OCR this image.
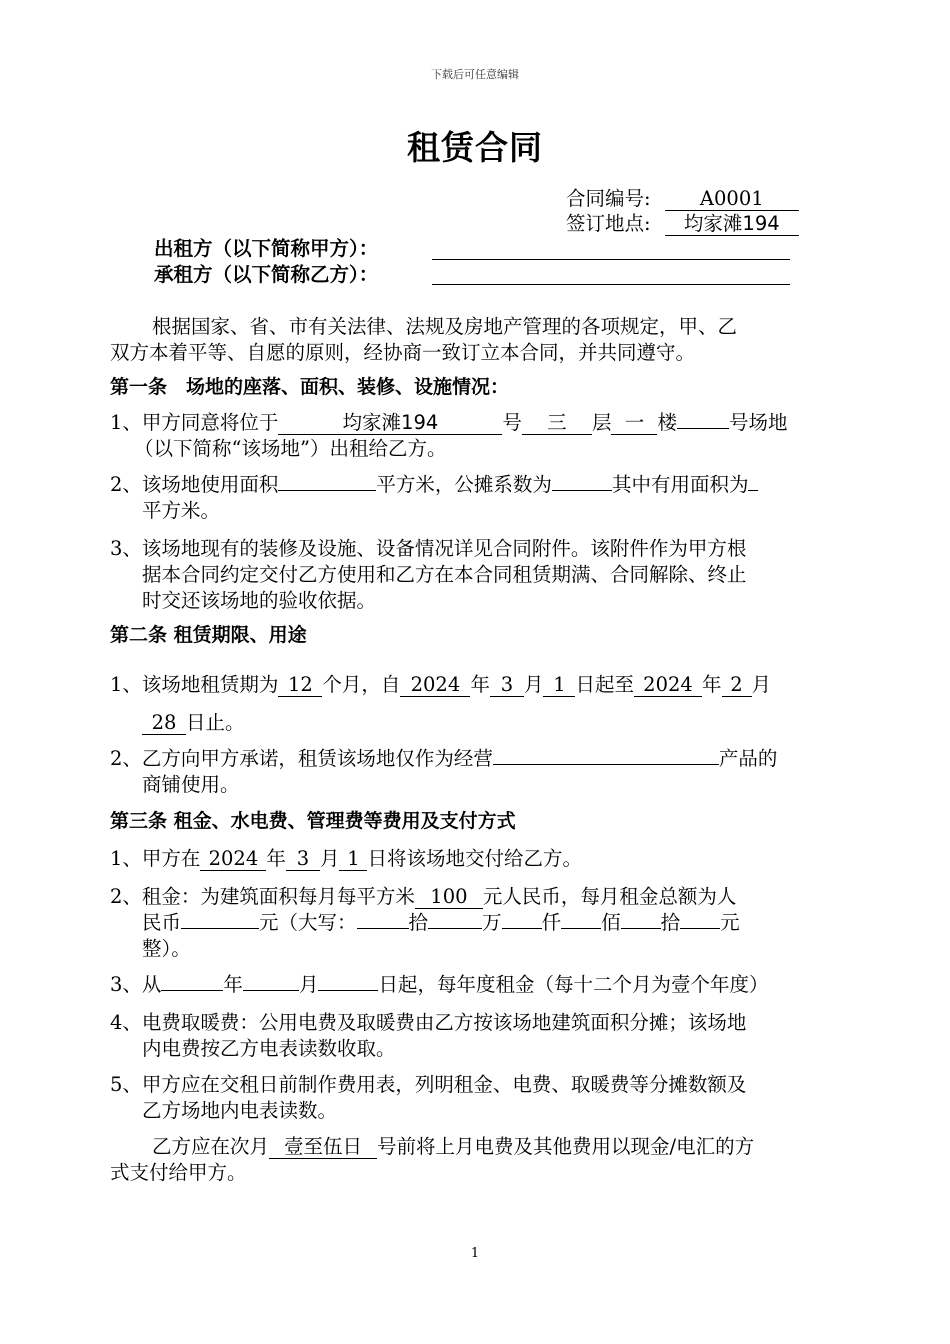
下载后可任意编辑
租赁合同
合同编号:	A0001
签订地点: 均家滩194
出租方（以下简称甲方）：
承租方（以下简称乙方）：
根据国家、省、市有关法律、法规及房地产管理的各项规定，甲、乙
双方本着平等、自愿的原则，经协商一致订立本合同，并共同遵守。
第一条　场地的座落、面积、装修、设施情况：
1、甲方同意将位于	均家滩194	号 三 层 一 楼	号场地
（以下简称“该场地”）出租给乙方。
2、该场地使用面积	平方米，公摊系数为	其中有用面积为
平方米。
3、该场地现有的装修及设施、设备情况详见合同附件。该附件作为甲方根
据本合同约定交付乙方使用和乙方在本合同租赁期满、合同解除、终止
时交还该场地的验收依据。
第二条 租赁期限、用途
1、该场地租赁期为 12 个月，自 2024 年 3 月 1 日起至 2024 年 2 月
28 日止。
2、乙方向甲方承诺，租赁该场地仅作为经营	产品的
商铺使用。
第三条 租金、水电费、管理费等费用及支付方式
1、甲方在 2024 年 3 月 1 日将该场地交付给乙方。
2、租金：为建筑面积每月每平方米 100 元人民币，每月租金总额为人
民币	元（大写：	拾	万 仟 佰 拾 元
整）。
3、从	年	月	日起，每年度租金（每十二个月为壹个年度）
4、电费取暖费：公用电费及取暖费由乙方按该场地建筑面积分摊；该场地
内电费按乙方电表读数收取。
5、甲方应在交租日前制作费用表，列明租金、电费、取暖费等分摊数额及
乙方场地内电表读数。
乙方应在次月 壹至伍日 号前将上月电费及其他费用以现金/电汇的方
式支付给甲方。
1
